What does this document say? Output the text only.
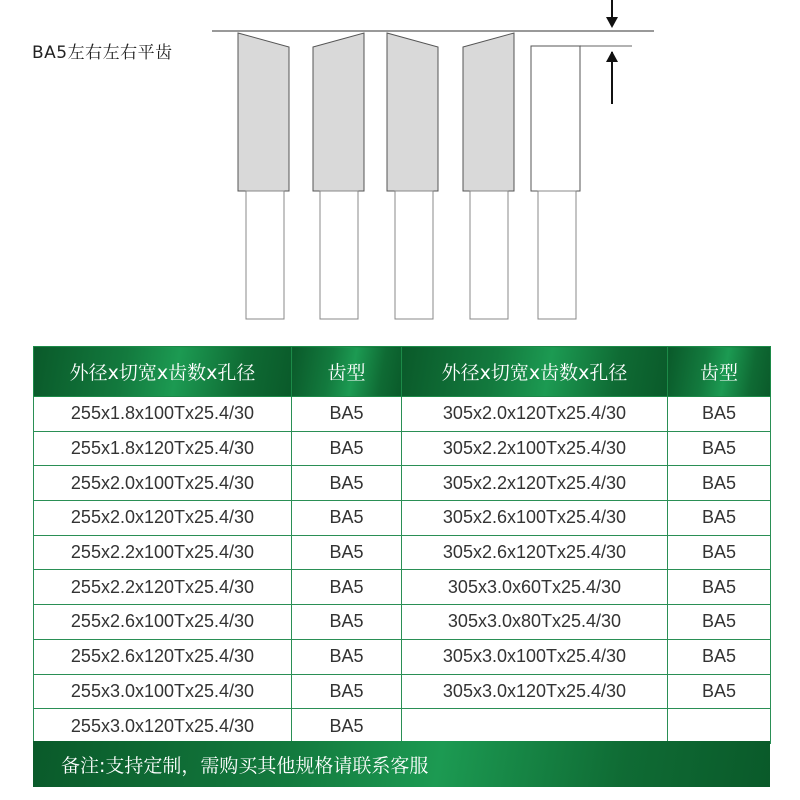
BA5左右左右平齿
外径x切宽x齿数x孔径	齿型	外径x切宽x齿数x孔径	齿型
255x1.8x100Tx25.4/30	BA5	305x2.0x120Tx25.4/30	BA5
255x1.8x120Tx25.4/30	BA5	305x2.2x100Tx25.4/30	BA5
255x2.0x100Tx25.4/30	BA5	305x2.2x120Tx25.4/30	BA5
255x2.0x120Tx25.4/30	BA5	305x2.6x100Tx25.4/30	BA5
255x2.2x100Tx25.4/30	BA5	305x2.6x120Tx25.4/30	BA5
255x2.2x120Tx25.4/30	BA5	305x3.0x60Tx25.4/30	BA5
255x2.6x100Tx25.4/30	BA5	305x3.0x80Tx25.4/30	BA5
255x2.6x120Tx25.4/30	BA5	305x3.0x100Tx25.4/30	BA5
255x3.0x100Tx25.4/30	BA5	305x3.0x120Tx25.4/30	BA5
255x3.0x120Tx25.4/30	BA5		
备注:支持定制，需购买其他规格请联系客服
